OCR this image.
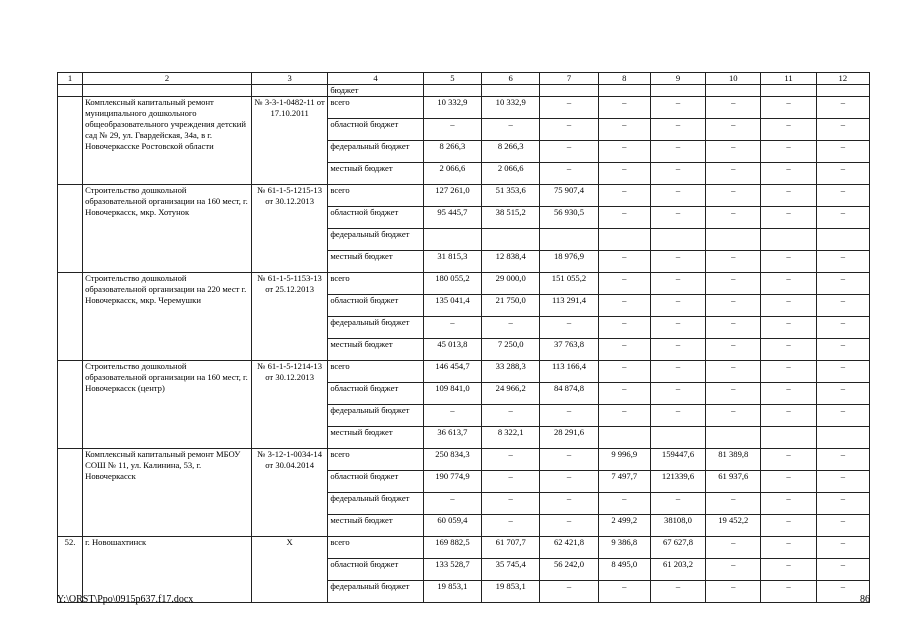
1	2	3	4	5	6	7	8	9	10	11	12
			бюджет								
	Комплексный капитальный ремонт муниципального дошкольного общеобразовательного учреждения детский сад № 29, ул. Гвардейская, 34а, в г. Новочеркасске Ростовской области	№ 3-3-1-0482-11 от 17.10.2011	всего	10 332,9	10 332,9	–	–	–	–	–	–
			областной бюджет	–	–	–	–	–	–	–	–
			федеральный бюджет	8 266,3	8 266,3	–	–	–	–	–	–
			местный бюджет	2 066,6	2 066,6	–	–	–	–	–	–
	Строительство дошкольной образовательной организации на 160 мест, г. Новочеркасск, мкр. Хотунок	№ 61-1-5-1215-13 от 30.12.2013	всего	127 261,0	51 353,6	75 907,4	–	–	–	–	–
			областной бюджет	95 445,7	38 515,2	56 930,5	–	–	–	–	–
			федеральный бюджет								
			местный бюджет	31 815,3	12 838,4	18 976,9	–	–	–	–	–
	Строительство дошкольной образовательной организации на 220 мест г. Новочеркасск, мкр. Черемушки	№ 61-1-5-1153-13 от 25.12.2013	всего	180 055,2	29 000,0	151 055,2	–	–	–	–	–
			областной бюджет	135 041,4	21 750,0	113 291,4	–	–	–	–	–
			федеральный бюджет	–	–	–	–	–	–	–	–
			местный бюджет	45 013,8	7 250,0	37 763,8	–	–	–	–	–
	Строительство дошкольной образовательной организации на 160 мест, г. Новочеркасск (центр)	№ 61-1-5-1214-13 от 30.12.2013	всего	146 454,7	33 288,3	113 166,4	–	–	–	–	–
			областной бюджет	109 841,0	24 966,2	84 874,8	–	–	–	–	–
			федеральный бюджет	–	–	–	–	–	–	–	–
			местный бюджет	36 613,7	8 322,1	28 291,6					
	Комплексный капитальный ремонт МБОУ СОШ № 11, ул. Калинина, 53, г. Новочеркасск	№ 3-12-1-0034-14 от 30.04.2014	всего	250 834,3	–	–	9 996,9	159447,6	81 389,8	–	–
			областной бюджет	190 774,9	–	–	7 497,7	121339,6	61 937,6	–	–
			федеральный бюджет	–	–	–	–	–	–	–	–
			местный бюджет	60 059,4	–	–	2 499,2	38108,0	19 452,2	–	–
52.	г. Новошахтинск	Х	всего	169 882,5	61 707,7	62 421,8	9 386,8	67 627,8	–	–	–
			областной бюджет	133 528,7	35 745,4	56 242,0	8 495,0	61 203,2	–	–	–
			федеральный бюджет	19 853,1	19 853,1	–	–	–	–	–	–
Y:\ORST\Ppo\0915p637.f17.docx	86
